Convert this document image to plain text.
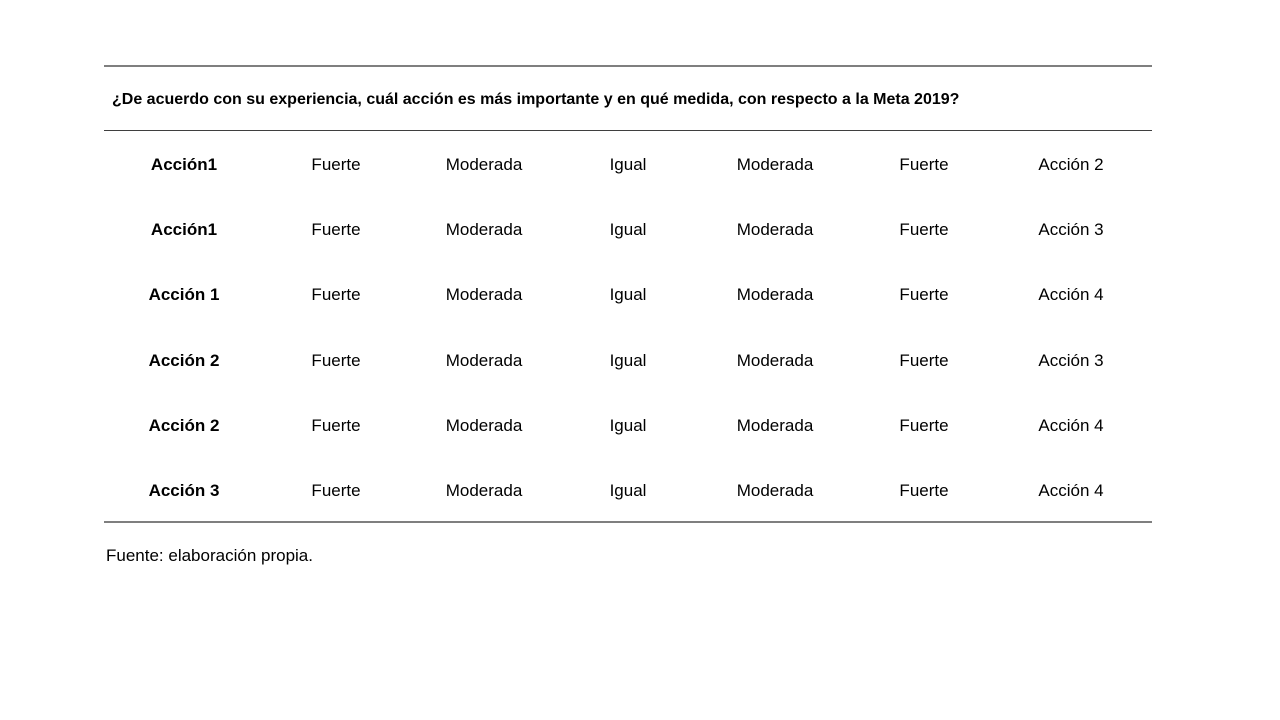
¿De acuerdo con su experiencia, cuál acción es más importante y en qué medida, con respecto a la Meta 2019?
Acción1	Fuerte	Moderada	Igual	Moderada	Fuerte	Acción 2
Acción1	Fuerte	Moderada	Igual	Moderada	Fuerte	Acción 3
Acción 1	Fuerte	Moderada	Igual	Moderada	Fuerte	Acción 4
Acción 2	Fuerte	Moderada	Igual	Moderada	Fuerte	Acción 3
Acción 2	Fuerte	Moderada	Igual	Moderada	Fuerte	Acción 4
Acción 3	Fuerte	Moderada	Igual	Moderada	Fuerte	Acción 4
Fuente: elaboración propia.
